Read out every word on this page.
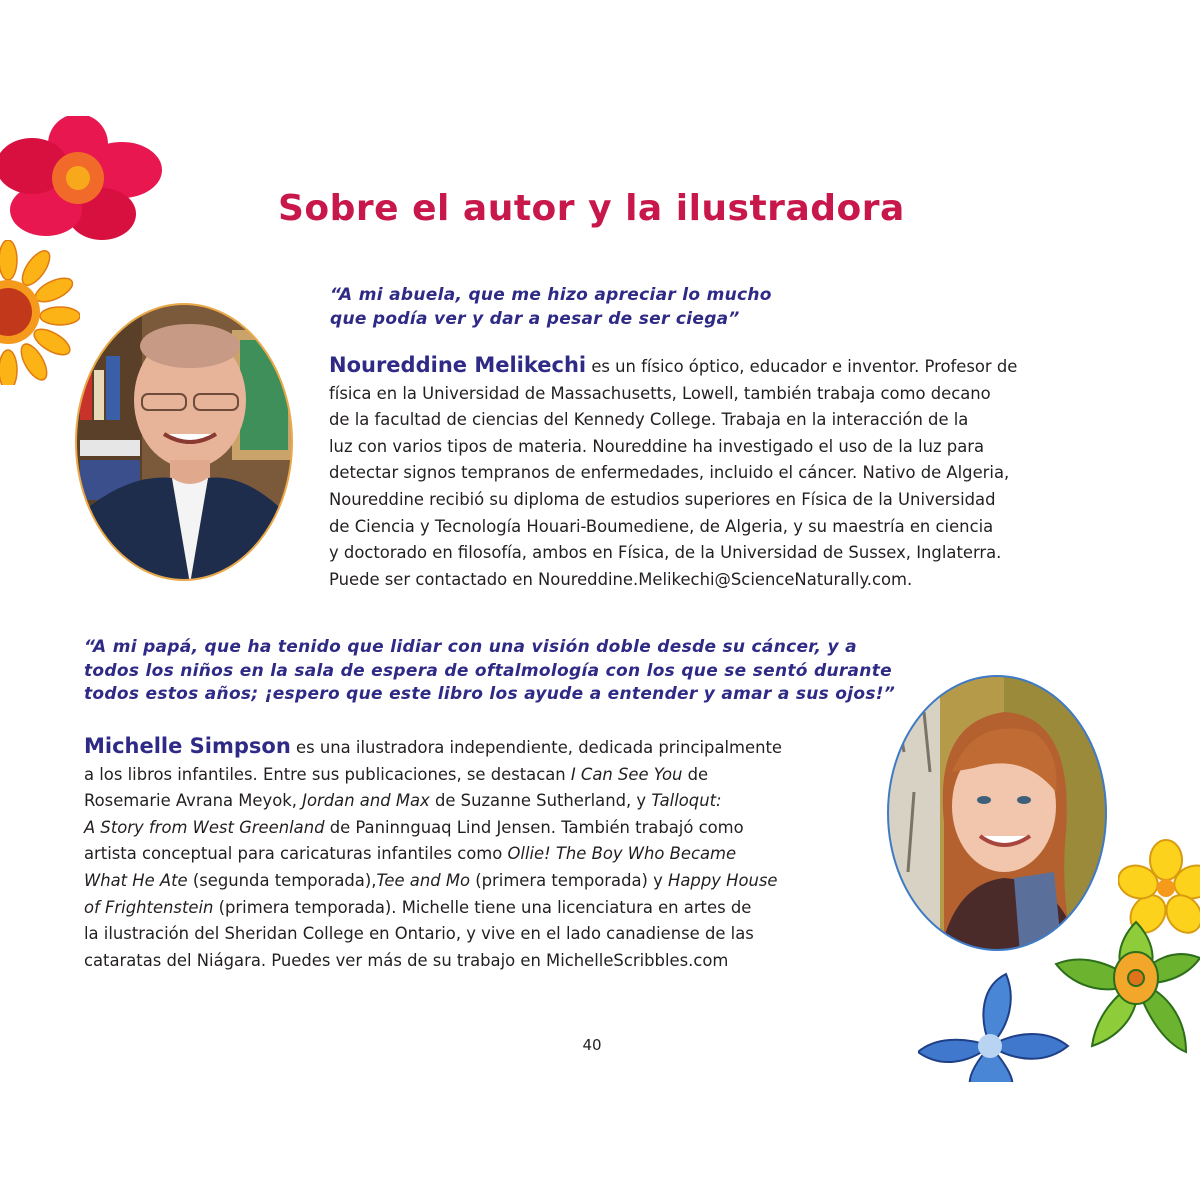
Sobre el autor y la ilustradora

“A mi abuela, que me hizo apreciar lo mucho
que podía ver y dar a pesar de ser ciega”

Noureddine Melikechi es un físico óptico, educador e inventor. Profesor de
física en la Universidad de Massachusetts, Lowell, también trabaja como decano
de la facultad de ciencias del Kennedy College. Trabaja en la interacción de la
luz con varios tipos de materia. Noureddine ha investigado el uso de la luz para
detectar signos tempranos de enfermedades, incluido el cáncer. Nativo de Algeria,
Noureddine recibió su diploma de estudios superiores en Física de la Universidad
de Ciencia y Tecnología Houari-Boumediene, de Algeria, y su maestría en ciencia
y doctorado en filosofía, ambos en Física, de la Universidad de Sussex, Inglaterra.
Puede ser contactado en Noureddine.Melikechi@ScienceNaturally.com.

“A mi papá, que ha tenido que lidiar con una visión doble desde su cáncer, y a
todos los niños en la sala de espera de oftalmología con los que se sentó durante
todos estos años; ¡espero que este libro los ayude a entender y amar a sus ojos!”

Michelle Simpson es una ilustradora independiente, dedicada principalmente
a los libros infantiles. Entre sus publicaciones, se destacan I Can See You de
Rosemarie Avrana Meyok, Jordan and Max de Suzanne Sutherland, y Talloqut:
A Story from West Greenland de Paninnguaq Lind Jensen. También trabajó como
artista conceptual para caricaturas infantiles como Ollie! The Boy Who Became
What He Ate (segunda temporada),Tee and Mo (primera temporada) y Happy House
of Frightenstein (primera temporada). Michelle tiene una licenciatura en artes de
la ilustración del Sheridan College en Ontario, y vive en el lado canadiense de las
cataratas del Niágara. Puedes ver más de su trabajo en MichelleScribbles.com

40
